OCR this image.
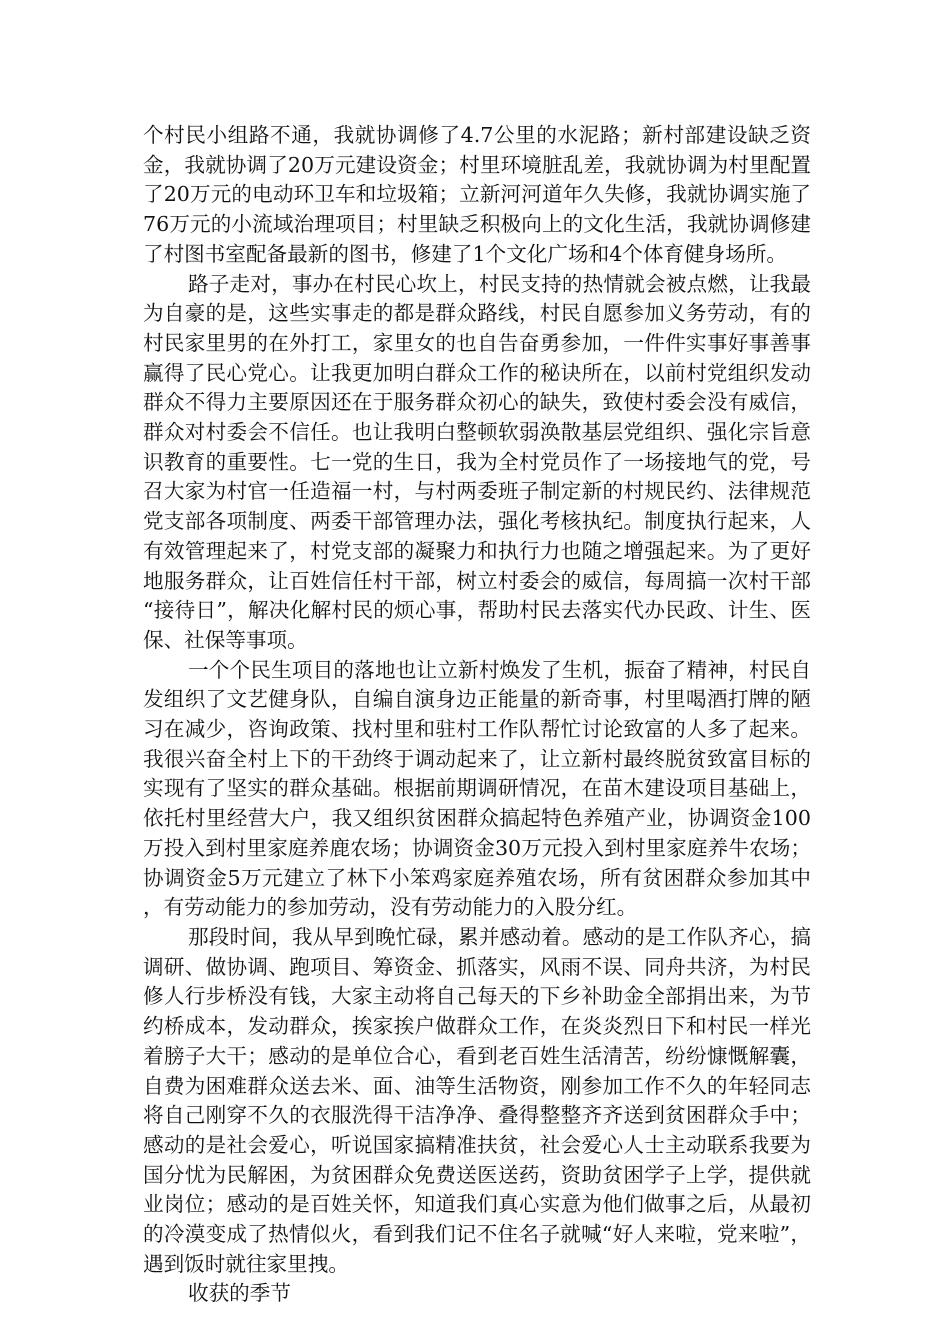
个村民小组路不通，我就协调修了4.7公里的水泥路；新村部建设缺乏资金，我就协调了20万元建设资金；村里环境脏乱差，我就协调为村里配置了20万元的电动环卫车和垃圾箱；立新河河道年久失修，我就协调实施了76万元的小流域治理项目；村里缺乏积极向上的文化生活，我就协调修建了村图书室配备最新的图书，修建了1个文化广场和4个体育健身场所。

路子走对，事办在村民心坎上，村民支持的热情就会被点燃，让我最为自豪的是，这些实事走的都是群众路线，村民自愿参加义务劳动，有的村民家里男的在外打工，家里女的也自告奋勇参加，一件件实事好事善事赢得了民心党心。让我更加明白群众工作的秘诀所在，以前村党组织发动群众不得力主要原因还在于服务群众初心的缺失，致使村委会没有威信，群众对村委会不信任。也让我明白整顿软弱涣散基层党组织、强化宗旨意识教育的重要性。七一党的生日，我为全村党员作了一场接地气的党，号召大家为村官一任造福一村，与村两委班子制定新的村规民约、法律规范党支部各项制度、两委干部管理办法，强化考核执纪。制度执行起来，人有效管理起来了，村党支部的凝聚力和执行力也随之增强起来。为了更好地服务群众，让百姓信任村干部，树立村委会的威信，每周搞一次村干部“接待日”，解决化解村民的烦心事，帮助村民去落实代办民政、计生、医保、社保等事项。

一个个民生项目的落地也让立新村焕发了生机，振奋了精神，村民自发组织了文艺健身队，自编自演身边正能量的新奇事，村里喝酒打牌的陋习在减少，咨询政策、找村里和驻村工作队帮忙讨论致富的人多了起来。我很兴奋全村上下的干劲终于调动起来了，让立新村最终脱贫致富目标的实现有了坚实的群众基础。根据前期调研情况，在苗木建设项目基础上，依托村里经营大户，我又组织贫困群众搞起特色养殖产业，协调资金100万投入到村里家庭养鹿农场；协调资金30万元投入到村里家庭养牛农场；协调资金5万元建立了林下小笨鸡家庭养殖农场，所有贫困群众参加其中，有劳动能力的参加劳动，没有劳动能力的入股分红。

那段时间，我从早到晚忙碌，累并感动着。感动的是工作队齐心，搞调研、做协调、跑项目、筹资金、抓落实，风雨不误、同舟共济，为村民修人行步桥没有钱，大家主动将自己每天的下乡补助金全部捐出来，为节约桥成本，发动群众，挨家挨户做群众工作，在炎炎烈日下和村民一样光着膀子大干；感动的是单位合心，看到老百姓生活清苦，纷纷慷慨解囊，自费为困难群众送去米、面、油等生活物资，刚参加工作不久的年轻同志将自己刚穿不久的衣服洗得干洁净净、叠得整整齐齐送到贫困群众手中；感动的是社会爱心，听说国家搞精准扶贫，社会爱心人士主动联系我要为国分忧为民解困，为贫困群众免费送医送药，资助贫困学子上学，提供就业岗位；感动的是百姓关怀，知道我们真心实意为他们做事之后，从最初的冷漠变成了热情似火，看到我们记不住名子就喊“好人来啦，党来啦”，遇到饭时就往家里拽。

收获的季节
